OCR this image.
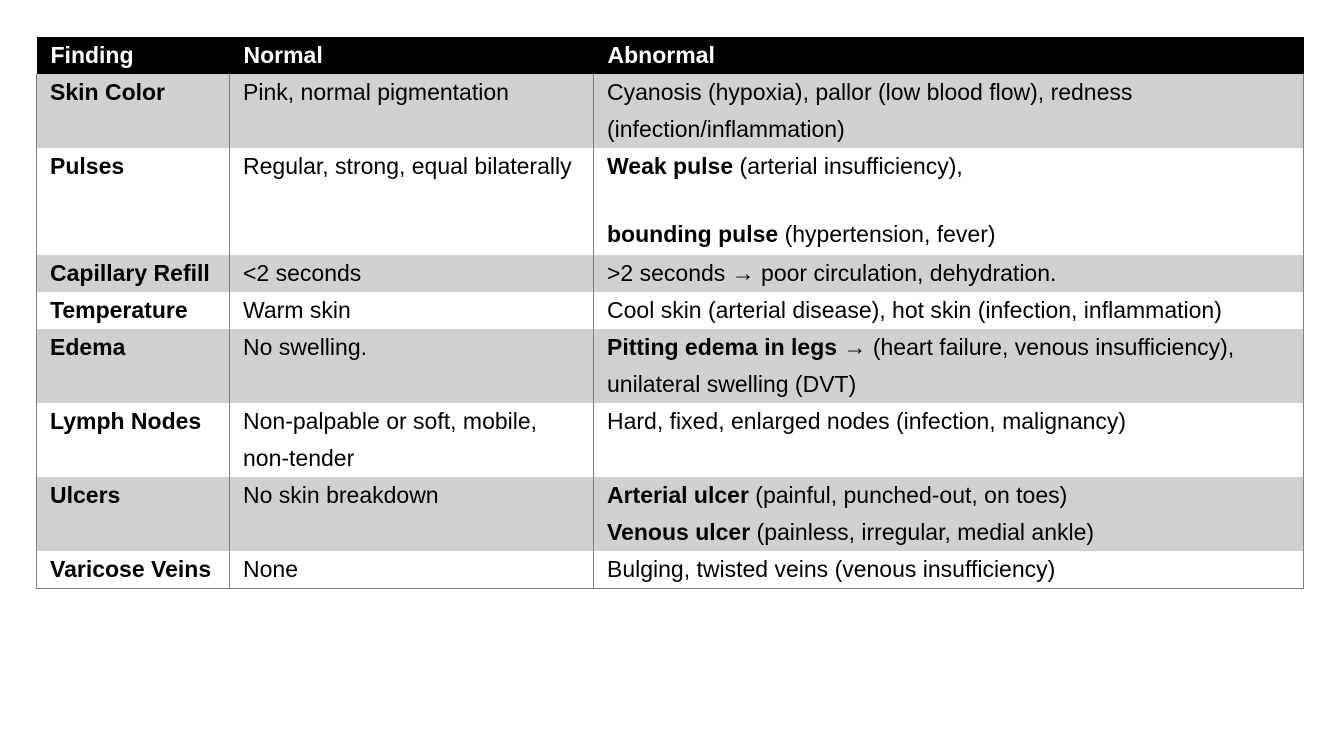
Finding	Normal	Abnormal
Skin Color	Pink, normal pigmentation	Cyanosis (hypoxia), pallor (low blood flow), redness (infection/inflammation)
Pulses	Regular, strong, equal bilaterally	Weak pulse (arterial insufficiency),
bounding pulse (hypertension, fever)
Capillary Refill	<2 seconds	>2 seconds → poor circulation, dehydration.
Temperature	Warm skin	Cool skin (arterial disease), hot skin (infection, inflammation)
Edema	No swelling.	Pitting edema in legs → (heart failure, venous insufficiency), unilateral swelling (DVT)
Lymph Nodes	Non-palpable or soft, mobile, non-tender	Hard, fixed, enlarged nodes (infection, malignancy)
Ulcers	No skin breakdown	Arterial ulcer (painful, punched-out, on toes)
Venous ulcer (painless, irregular, medial ankle)
Varicose Veins	None	Bulging, twisted veins (venous insufficiency)
